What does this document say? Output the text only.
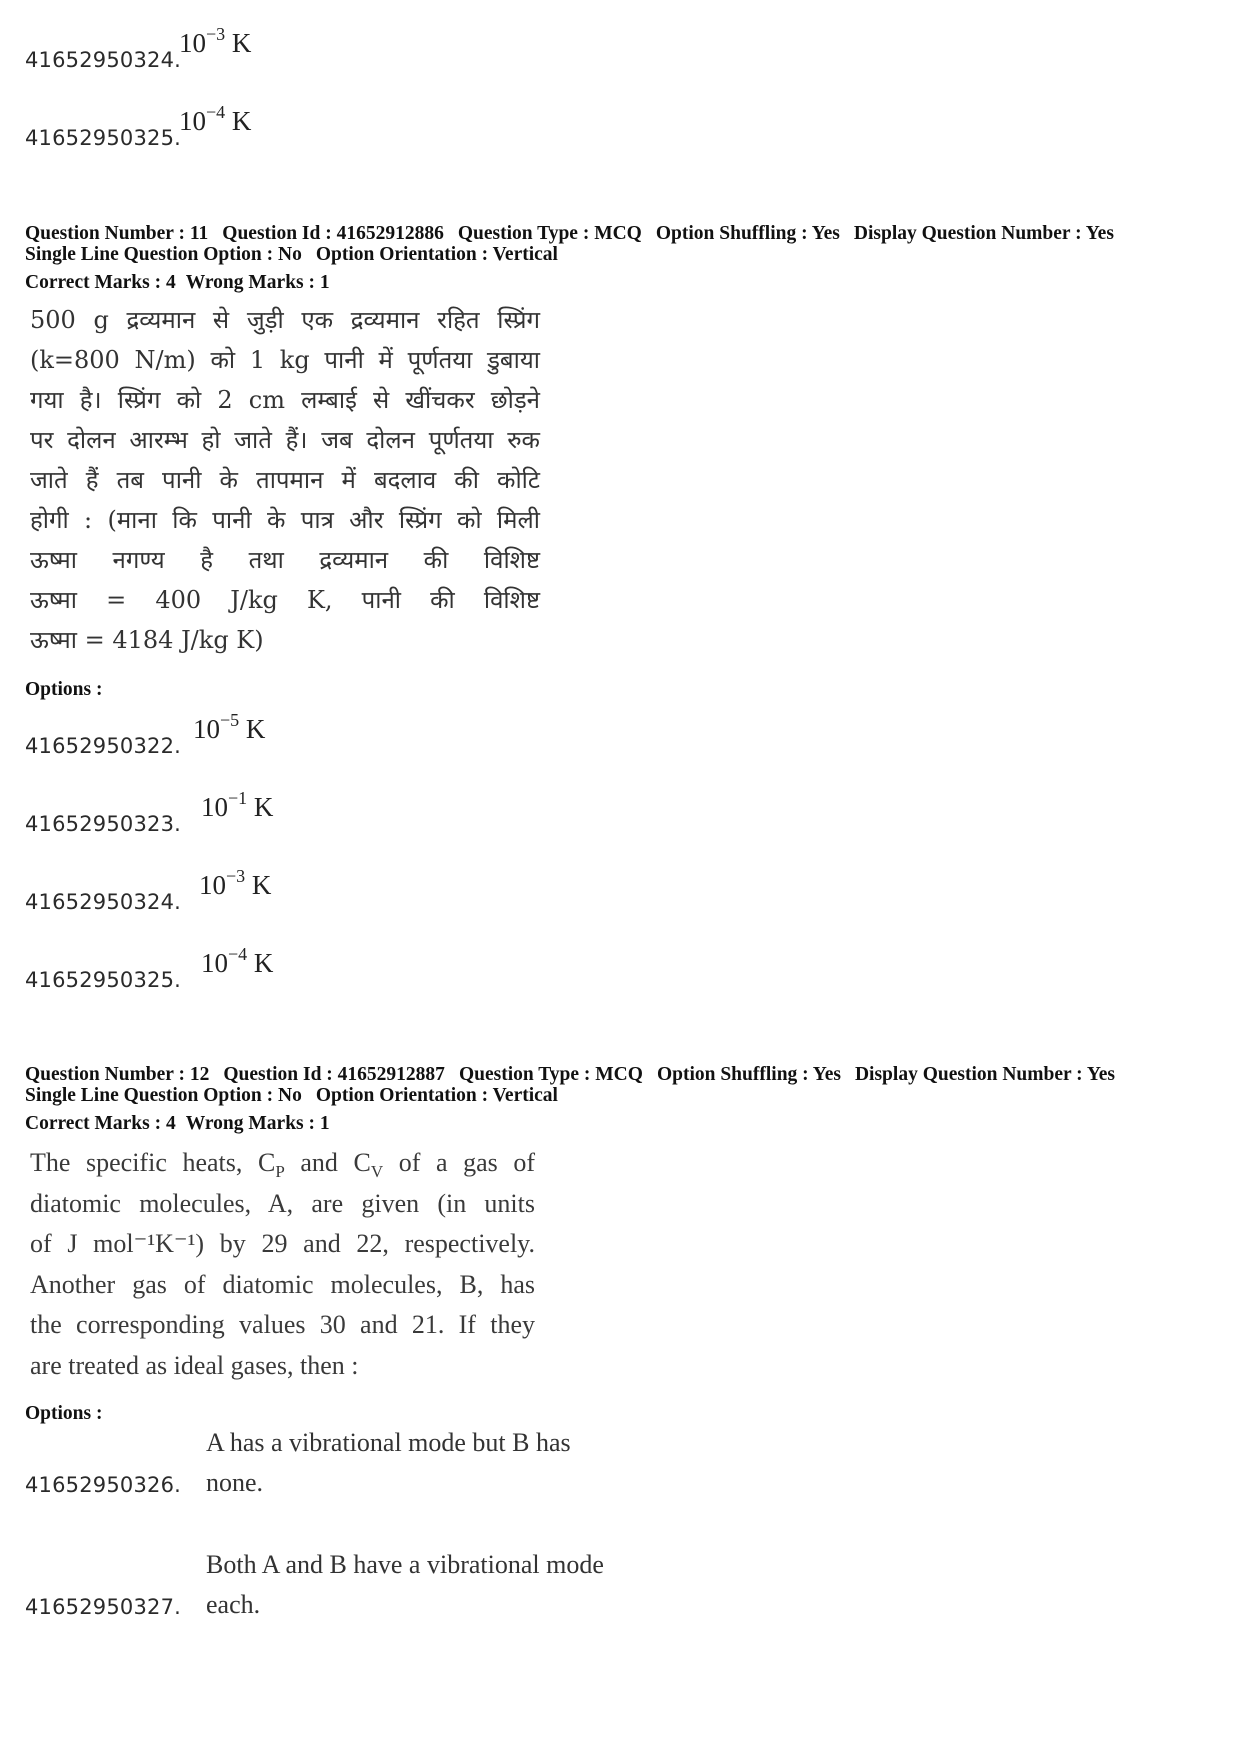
41652950324.
$10^{-3}$ K
41652950325.
$10^{-4}$ K
Question Number : 11 Question Id : 41652912886 Question Type : MCQ Option Shuffling : Yes Display Question Number : Yes
Single Line Question Option : No Option Orientation : Vertical
Correct Marks : 4 Wrong Marks : 1
500 g द्रव्यमान से जुड़ी एक द्रव्यमान रहित स्प्रिंग
(k=800 N/m) को 1 kg पानी में पूर्णतया डुबाया
गया है। स्प्रिंग को 2 cm लम्बाई से खींचकर छोड़ने
पर दोलन आरम्भ हो जाते हैं। जब दोलन पूर्णतया रुक
जाते हैं तब पानी के तापमान में बदलाव की कोटि
होगी : (माना कि पानी के पात्र और स्प्रिंग को मिली
ऊष्मा नगण्य है तथा द्रव्यमान की विशिष्ट
ऊष्मा = 400 J/kg K, पानी की विशिष्ट
ऊष्मा = 4184 J/kg K)
Options :
41652950322.
$10^{-5}$ K
41652950323.
$10^{-1}$ K
41652950324.
$10^{-3}$ K
41652950325.
$10^{-4}$ K
Question Number : 12 Question Id : 41652912887 Question Type : MCQ Option Shuffling : Yes Display Question Number : Yes
Single Line Question Option : No Option Orientation : Vertical
Correct Marks : 4 Wrong Marks : 1
The specific heats, $C_P$ and $C_V$ of a gas of
diatomic molecules, A, are given (in units
of J mol⁻¹K⁻¹) by 29 and 22, respectively.
Another gas of diatomic molecules, B, has
the corresponding values 30 and 21. If they
are treated as ideal gases, then :
Options :
A has a vibrational mode but B has
none.
41652950326.
Both A and B have a vibrational mode
each.
41652950327.
